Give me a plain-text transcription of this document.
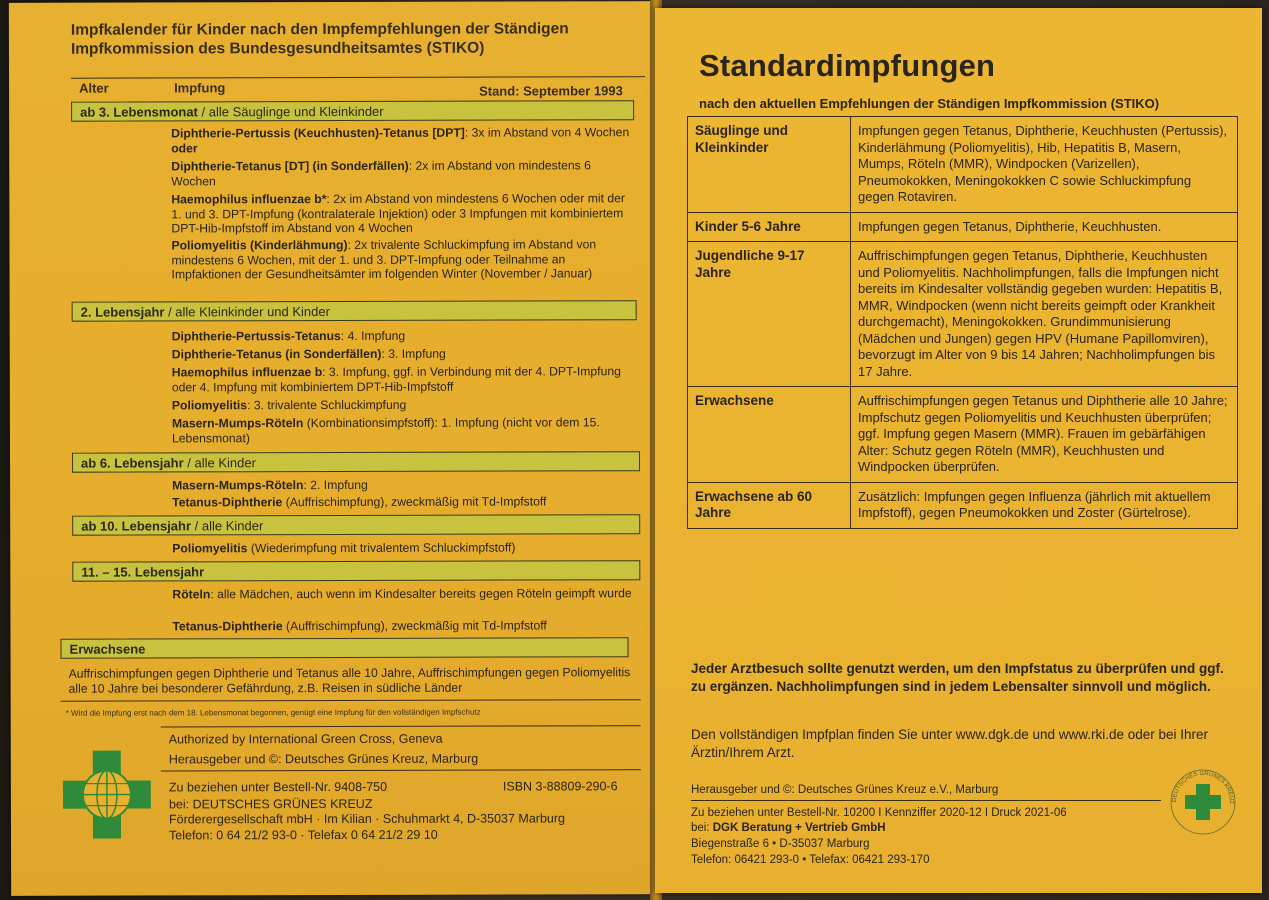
Impfkalender für Kinder nach den Impfempfehlungen der Ständigen Impfkommission des Bundesgesundheitsamtes (STIKO)
Alter	Impfung	Stand: September 1993
ab 3. Lebensmonat / alle Säuglinge und Kleinkinder
Diphtherie-Pertussis (Keuchhusten)-Tetanus [DPT]: 3x im Abstand von 4 Wochen oder
Diphtherie-Tetanus [DT] (in Sonderfällen): 2x im Abstand von mindestens 6 Wochen
Haemophilus influenzae b*: 2x im Abstand von mindestens 6 Wochen oder mit der 1. und 3. DPT-Impfung (kontralaterale Injektion) oder 3 Impfungen mit kombiniertem DPT-Hib-Impfstoff im Abstand von 4 Wochen
Poliomyelitis (Kinderlähmung): 2x trivalente Schluckimpfung im Abstand von mindestens 6 Wochen, mit der 1. und 3. DPT-Impfung oder Teilnahme an Impfaktionen der Gesundheitsämter im folgenden Winter (November / Januar)
2. Lebensjahr / alle Kleinkinder und Kinder
Diphtherie-Pertussis-Tetanus: 4. Impfung
Diphtherie-Tetanus (in Sonderfällen): 3. Impfung
Haemophilus influenzae b: 3. Impfung, ggf. in Verbindung mit der 4. DPT-Impfung oder 4. Impfung mit kombiniertem DPT-Hib-Impfstoff
Poliomyelitis: 3. trivalente Schluckimpfung
Masern-Mumps-Röteln (Kombinationsimpfstoff): 1. Impfung (nicht vor dem 15. Lebensmonat)
ab 6. Lebensjahr / alle Kinder
Masern-Mumps-Röteln: 2. Impfung
Tetanus-Diphtherie (Auffrischimpfung), zweckmäßig mit Td-Impfstoff
ab 10. Lebensjahr / alle Kinder
Poliomyelitis (Wiederimpfung mit trivalentem Schluckimpfstoff)
11. – 15. Lebensjahr
Röteln: alle Mädchen, auch wenn im Kindesalter bereits gegen Röteln geimpft wurde
Tetanus-Diphtherie (Auffrischimpfung), zweckmäßig mit Td-Impfstoff
Erwachsene
Auffrischimpfungen gegen Diphtherie und Tetanus alle 10 Jahre, Auffrischimpfungen gegen Poliomyelitis alle 10 Jahre bei besonderer Gefährdung, z.B. Reisen in südliche Länder
* Wird die Impfung erst nach dem 18. Lebensmonat begonnen, genügt eine Impfung für den vollständigen Impfschutz
Authorized by International Green Cross, Geneva
Herausgeber und ©: Deutsches Grünes Kreuz, Marburg
Zu beziehen unter Bestell-Nr. 9408-750	ISBN 3-88809-290-6
bei: DEUTSCHES GRÜNES KREUZ
Förderergesellschaft mbH · Im Kilian · Schuhmarkt 4, D-35037 Marburg
Telefon: 0 64 21/2 93-0 · Telefax 0 64 21/2 29 10
Standardimpfungen
nach den aktuellen Empfehlungen der Ständigen Impfkommission (STIKO)
Säuglinge und Kleinkinder	Impfungen gegen Tetanus, Diphtherie, Keuchhusten (Pertussis), Kinderlähmung (Poliomyelitis), Hib, Hepatitis B, Masern, Mumps, Röteln (MMR), Windpocken (Varizellen), Pneumokokken, Meningokokken C sowie Schluckimpfung gegen Rotaviren.
Kinder 5-6 Jahre	Impfungen gegen Tetanus, Diphtherie, Keuchhusten.
Jugendliche 9-17 Jahre	Auffrischimpfungen gegen Tetanus, Diphtherie, Keuchhusten und Poliomyelitis. Nachholimpfungen, falls die Impfungen nicht bereits im Kindesalter vollständig gegeben wurden: Hepatitis B, MMR, Windpocken (wenn nicht bereits geimpft oder Krankheit durchgemacht), Meningokokken. Grundimmunisierung (Mädchen und Jungen) gegen HPV (Humane Papillomviren), bevorzugt im Alter von 9 bis 14 Jahren; Nachholimpfungen bis 17 Jahre.
Erwachsene	Auffrischimpfungen gegen Tetanus und Diphtherie alle 10 Jahre; Impfschutz gegen Poliomyelitis und Keuchhusten überprüfen; ggf. Impfung gegen Masern (MMR). Frauen im gebärfähigen Alter: Schutz gegen Röteln (MMR), Keuchhusten und Windpocken überprüfen.
Erwachsene ab 60 Jahre	Zusätzlich: Impfungen gegen Influenza (jährlich mit aktuellem Impfstoff), gegen Pneumokokken und Zoster (Gürtelrose).
Jeder Arztbesuch sollte genutzt werden, um den Impfstatus zu überprüfen und ggf. zu ergänzen. Nachholimpfungen sind in jedem Lebensalter sinnvoll und möglich.
Den vollständigen Impfplan finden Sie unter www.dgk.de und www.rki.de oder bei Ihrer Ärztin/Ihrem Arzt.
Herausgeber und ©: Deutsches Grünes Kreuz e.V., Marburg
Zu beziehen unter Bestell-Nr. 10200 I Kennziffer 2020-12 I Druck 2021-06
bei: DGK Beratung + Vertrieb GmbH
Biegenstraße 6 • D-35037 Marburg
Telefon: 06421 293-0 • Telefax: 06421 293-170
DEUTSCHES GRÜNES KREUZ
